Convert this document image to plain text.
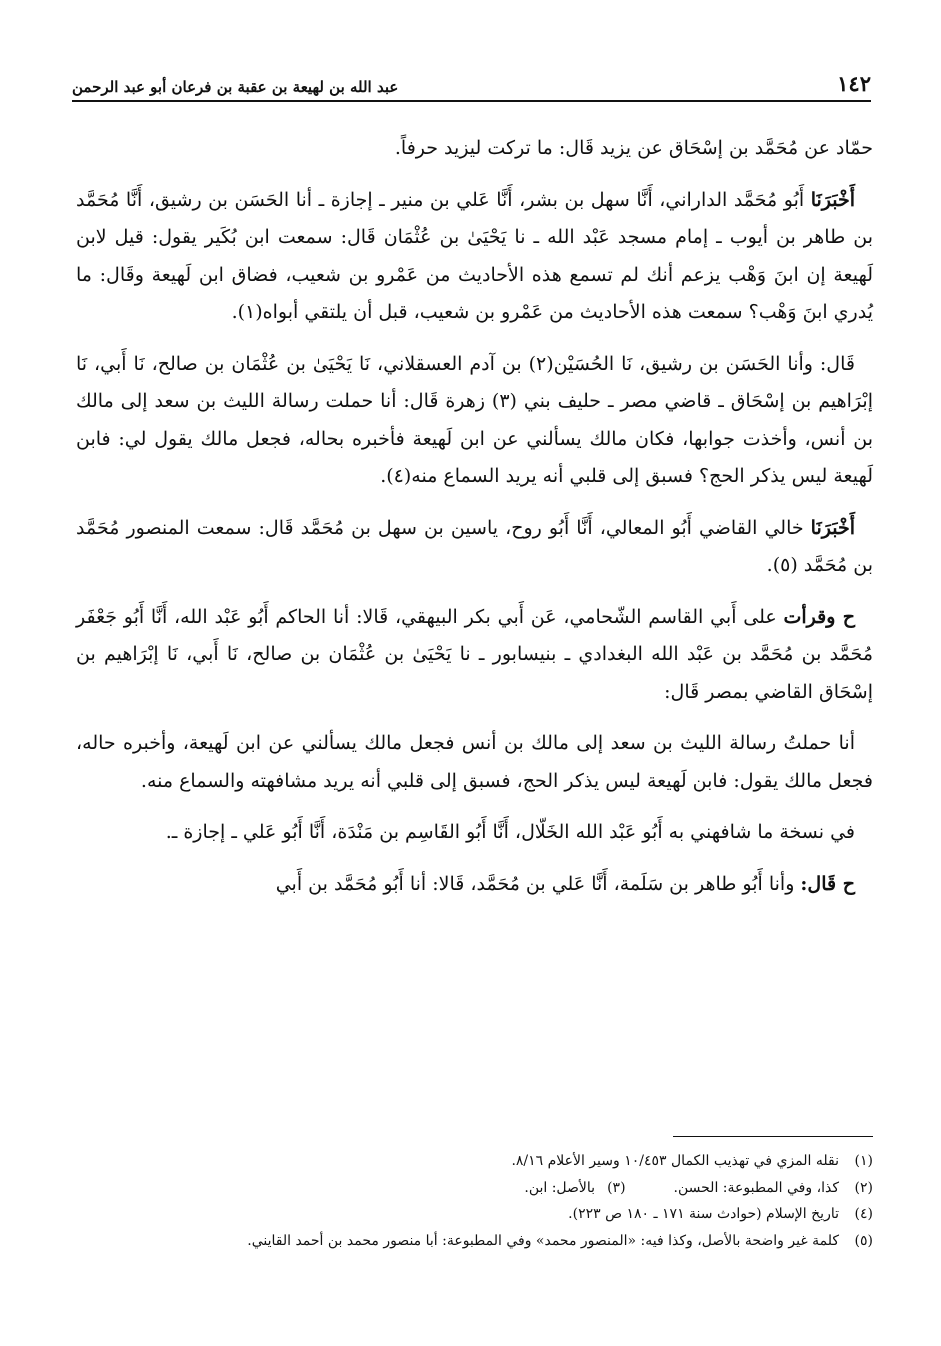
١٤٢
عبد الله بن لهيعة بن عقبة بن فرعان أبو عبد الرحمن

حمّاد عن مُحَمَّد بن إسْحَاق عن يزيد قَال: ما تركت ليزيد حرفاً.

أَخْبَرَنَا أَبُو مُحَمَّد الداراني، أَنَّا سهل بن بشر، أَنَّا عَلي بن منير ـ إجازة ـ أنا الحَسَن بن رشيق، أَنَّا مُحَمَّد بن طاهر بن أيوب ـ إمام مسجد عَبْد الله ـ نا يَحْيَىٰ بن عُثْمَان قَال: سمعت ابن بُكَير يقول: قيل لابن لَهيعة إن ابنَ وَهْب يزعم أنك لم تسمع هذه الأحاديث من عَمْرو بن شعيب، فضاق ابن لَهيعة وقَال: ما يُدري ابنَ وَهْب؟ سمعت هذه الأحاديث من عَمْرو بن شعيب، قبل أن يلتقي أبواه(١).

قَال: وأنا الحَسَن بن رشيق، نَا الحُسَيْن(٢) بن آدم العسقلاني، نَا يَحْيَىٰ بن عُثْمَان بن صالح، نَا أَبي، نَا إبْرَاهيم بن إسْحَاق ـ قاضي مصر ـ حليف بني (٣) زهرة قَال: أنا حملت رسالة الليث بن سعد إلى مالك بن أنس، وأخذت جوابها، فكان مالك يسألني عن ابن لَهيعة فأخبره بحاله، فجعل مالك يقول لي: فابن لَهيعة ليس يذكر الحج؟ فسبق إلى قلبي أنه يريد السماع منه(٤).

أَخْبَرَنَا خالي القاضي أَبُو المعالي، أَنَّا أَبُو روح، ياسين بن سهل بن مُحَمَّد قَال: سمعت المنصور مُحَمَّد بن مُحَمَّد (٥).

ح وقرأت على أَبي القاسم الشّحامي، عَن أَبي بكر البيهقي، قَالا: أنا الحاكم أَبُو عَبْد الله، أَنَّا أَبُو جَعْفَر مُحَمَّد بن مُحَمَّد بن عَبْد الله البغدادي ـ بنيسابور ـ نا يَحْيَىٰ بن عُثْمَان بن صالح، نَا أَبي، نَا إبْرَاهيم بن إسْحَاق القاضي بمصر قَال:

أنا حملتُ رسالة الليث بن سعد إلى مالك بن أنس فجعل مالك يسألني عن ابن لَهيعة، وأخبره حاله، فجعل مالك يقول: فابن لَهيعة ليس يذكر الحج، فسبق إلى قلبي أنه يريد مشافهته والسماع منه.

في نسخة ما شافهني به أَبُو عَبْد الله الخَلّال، أَنَّا أَبُو القَاسِم بن مَنْدَة، أَنَّا أَبُو عَلي ـ إجازة ـ.

ح قَال: وأنا أَبُو طاهر بن سَلَمة، أَنَّا عَلي بن مُحَمَّد، قَالا: أنا أَبُو مُحَمَّد بن أَبي

(١)
نقله المزي في تهذيب الكمال ١٠/٤٥٣ وسير الأعلام ٨/١٦.
(٢)
كذا، وفي المطبوعة: الحسن.
(٣)
بالأصل: ابن.
(٤)
تاريخ الإسلام (حوادث سنة ١٧١ ـ ١٨٠ ص ٢٢٣).
(٥)
كلمة غير واضحة بالأصل، وكذا فيه: «المنصور محمد» وفي المطبوعة: أبا منصور محمد بن أحمد القايني.
